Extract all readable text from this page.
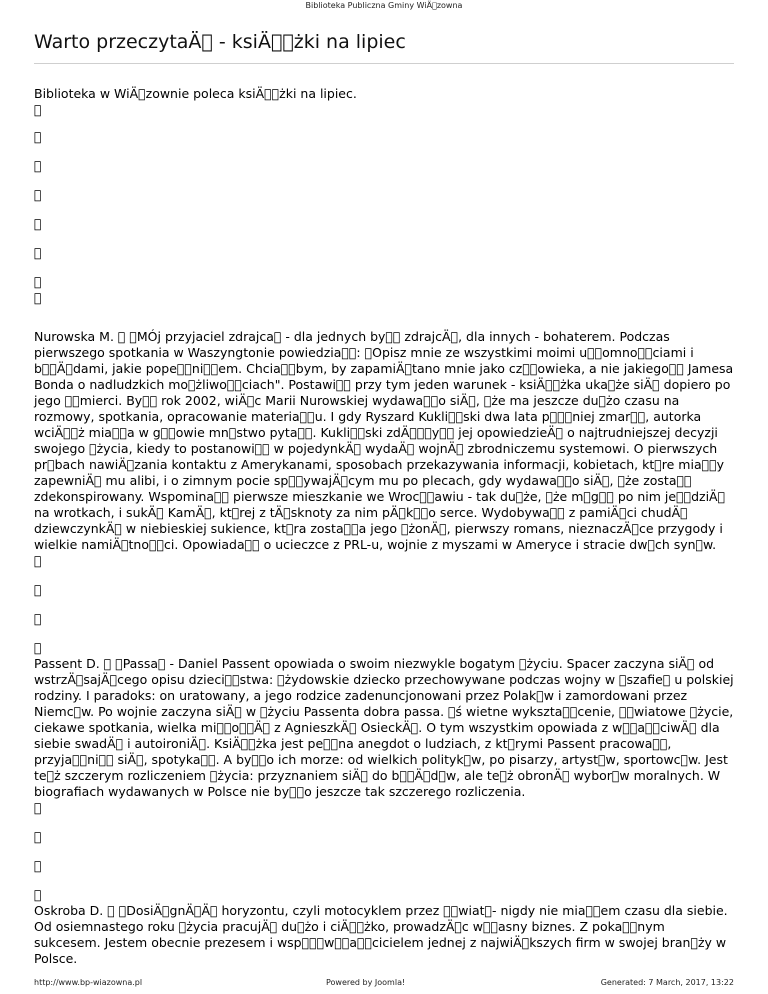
Biblioteka Publiczna Gminy WiÄ zowna
Warto przeczytaÄ  - ksiÄ  żki na lipiec

Biblioteka w WiÄ zownie poleca ksiÄ  żki na lipiec.

 
 
 
 
 
 
 
 

Nurowska M.    MÓj przyjaciel zdrajca  - dla jednych by   zdrajcÄ , dla innych - bohaterem. Podczas pierwszego spotkania w Waszyngtonie powiedzia  :  Opisz mnie ze wszystkimi moimi u  omno  ciami i b  Ä dami, jakie pope  ni  em. Chcia  bym, by zapamiÄ tano mnie jako cz  owieka, a nie jakiego   Jamesa Bonda o nadludzkich mo żliwo  ciach". Postawi   przy tym jeden warunek - ksiÄ  żka uka że siÄ  dopiero po jego   mierci. By   rok 2002, wiÄ c Marii Nurowskiej wydawa  o siÄ ,  że ma jeszcze du żo czasu na rozmowy, spotkania, opracowanie materia  u. I gdy Ryszard Kukli  ski dwa lata p   niej zmar  , autorka wciÄ  ż mia  a w g  owie mn stwo pyta  . Kukli  ski zdÄ   y   jej opowiedzieÄ  o najtrudniejszej decyzji swojego  życia, kiedy to postanowi   w pojedynkÄ  wydaÄ  wojnÄ  zbrodniczemu systemowi. O pierwszych pr bach nawiÄ zania kontaktu z Amerykanami, sposobach przekazywania informacji, kobietach, kt re mia  y zapewniÄ  mu alibi, i o zimnym pocie sp  ywajÄ cym mu po plecach, gdy wydawa  o siÄ ,  że zosta   zdekonspirowany. Wspomina   pierwsze mieszkanie we Wroc  awiu - tak du że,  że m g   po nim je  dziÄ  na wrotkach, i sukÄ  KamÄ , kt rej z tÄ sknoty za nim pÄ k  o serce. Wydobywa   z pamiÄ ci chudÄ  dziewczynkÄ  w niebieskiej sukience, kt ra zosta  a jego  żonÄ , pierwszy romans, nieznaczÄ ce przygody i wielkie namiÄ tno  ci. Opowiada   o ucieczce z PRL-u, wojnie z myszami w Ameryce i stracie dw ch syn w.

 
 
 
 

Passent D.    Passa  - Daniel Passent opowiada o swoim niezwykle bogatym  życiu. Spacer zaczyna siÄ  od wstrzÄ sajÄ cego opisu dzieci  stwa:  żydowskie dziecko przechowywane podczas wojny w  szafie  u polskiej rodziny. I paradoks: on uratowany, a jego rodzice zadenuncjonowani przez Polak w i zamordowani przez Niemc w. Po wojnie zaczyna siÄ  w  życiu Passenta dobra passa.  ś wietne wykszta  cenie,   wiatowe  życie, ciekawe spotkania, wielka mi  o  Ä  z AgnieszkÄ  OsieckÄ . O tym wszystkim opowiada z w  a  ciwÄ  dla siebie swadÄ  i autoironiÄ . KsiÄ  żka jest pe  na anegdot o ludziach, z kt rymi Passent pracowa  , przyja  ni   siÄ , spotyka  . A by  o ich morze: od wielkich polityk w, po pisarzy, artyst w, sportowc w. Jest te ż szczerym rozliczeniem  życia: przyznaniem siÄ  do b  Ä d w, ale te ż obronÄ  wybor w moralnych. W biografiach wydawanych w Polsce nie by  o jeszcze tak szczerego rozliczenia.

 
 
 
 

Oskroba D.    DosiÄ gnÄ Ä  horyzontu, czyli motocyklem przez   wiat - nigdy nie mia  em czasu dla siebie. Od osiemnastego roku  życia pracujÄ  du żo i ciÄ  żko, prowadzÄ c w  asny biznes. Z poka  nym sukcesem. Jestem obecnie prezesem i wsp   w  a  cicielem jednej z najwiÄ kszych firm w swojej bran ży w Polsce.

http://www.bp-wiazowna.pl	Powered by Joomla!	Generated: 7 March, 2017, 13:22
